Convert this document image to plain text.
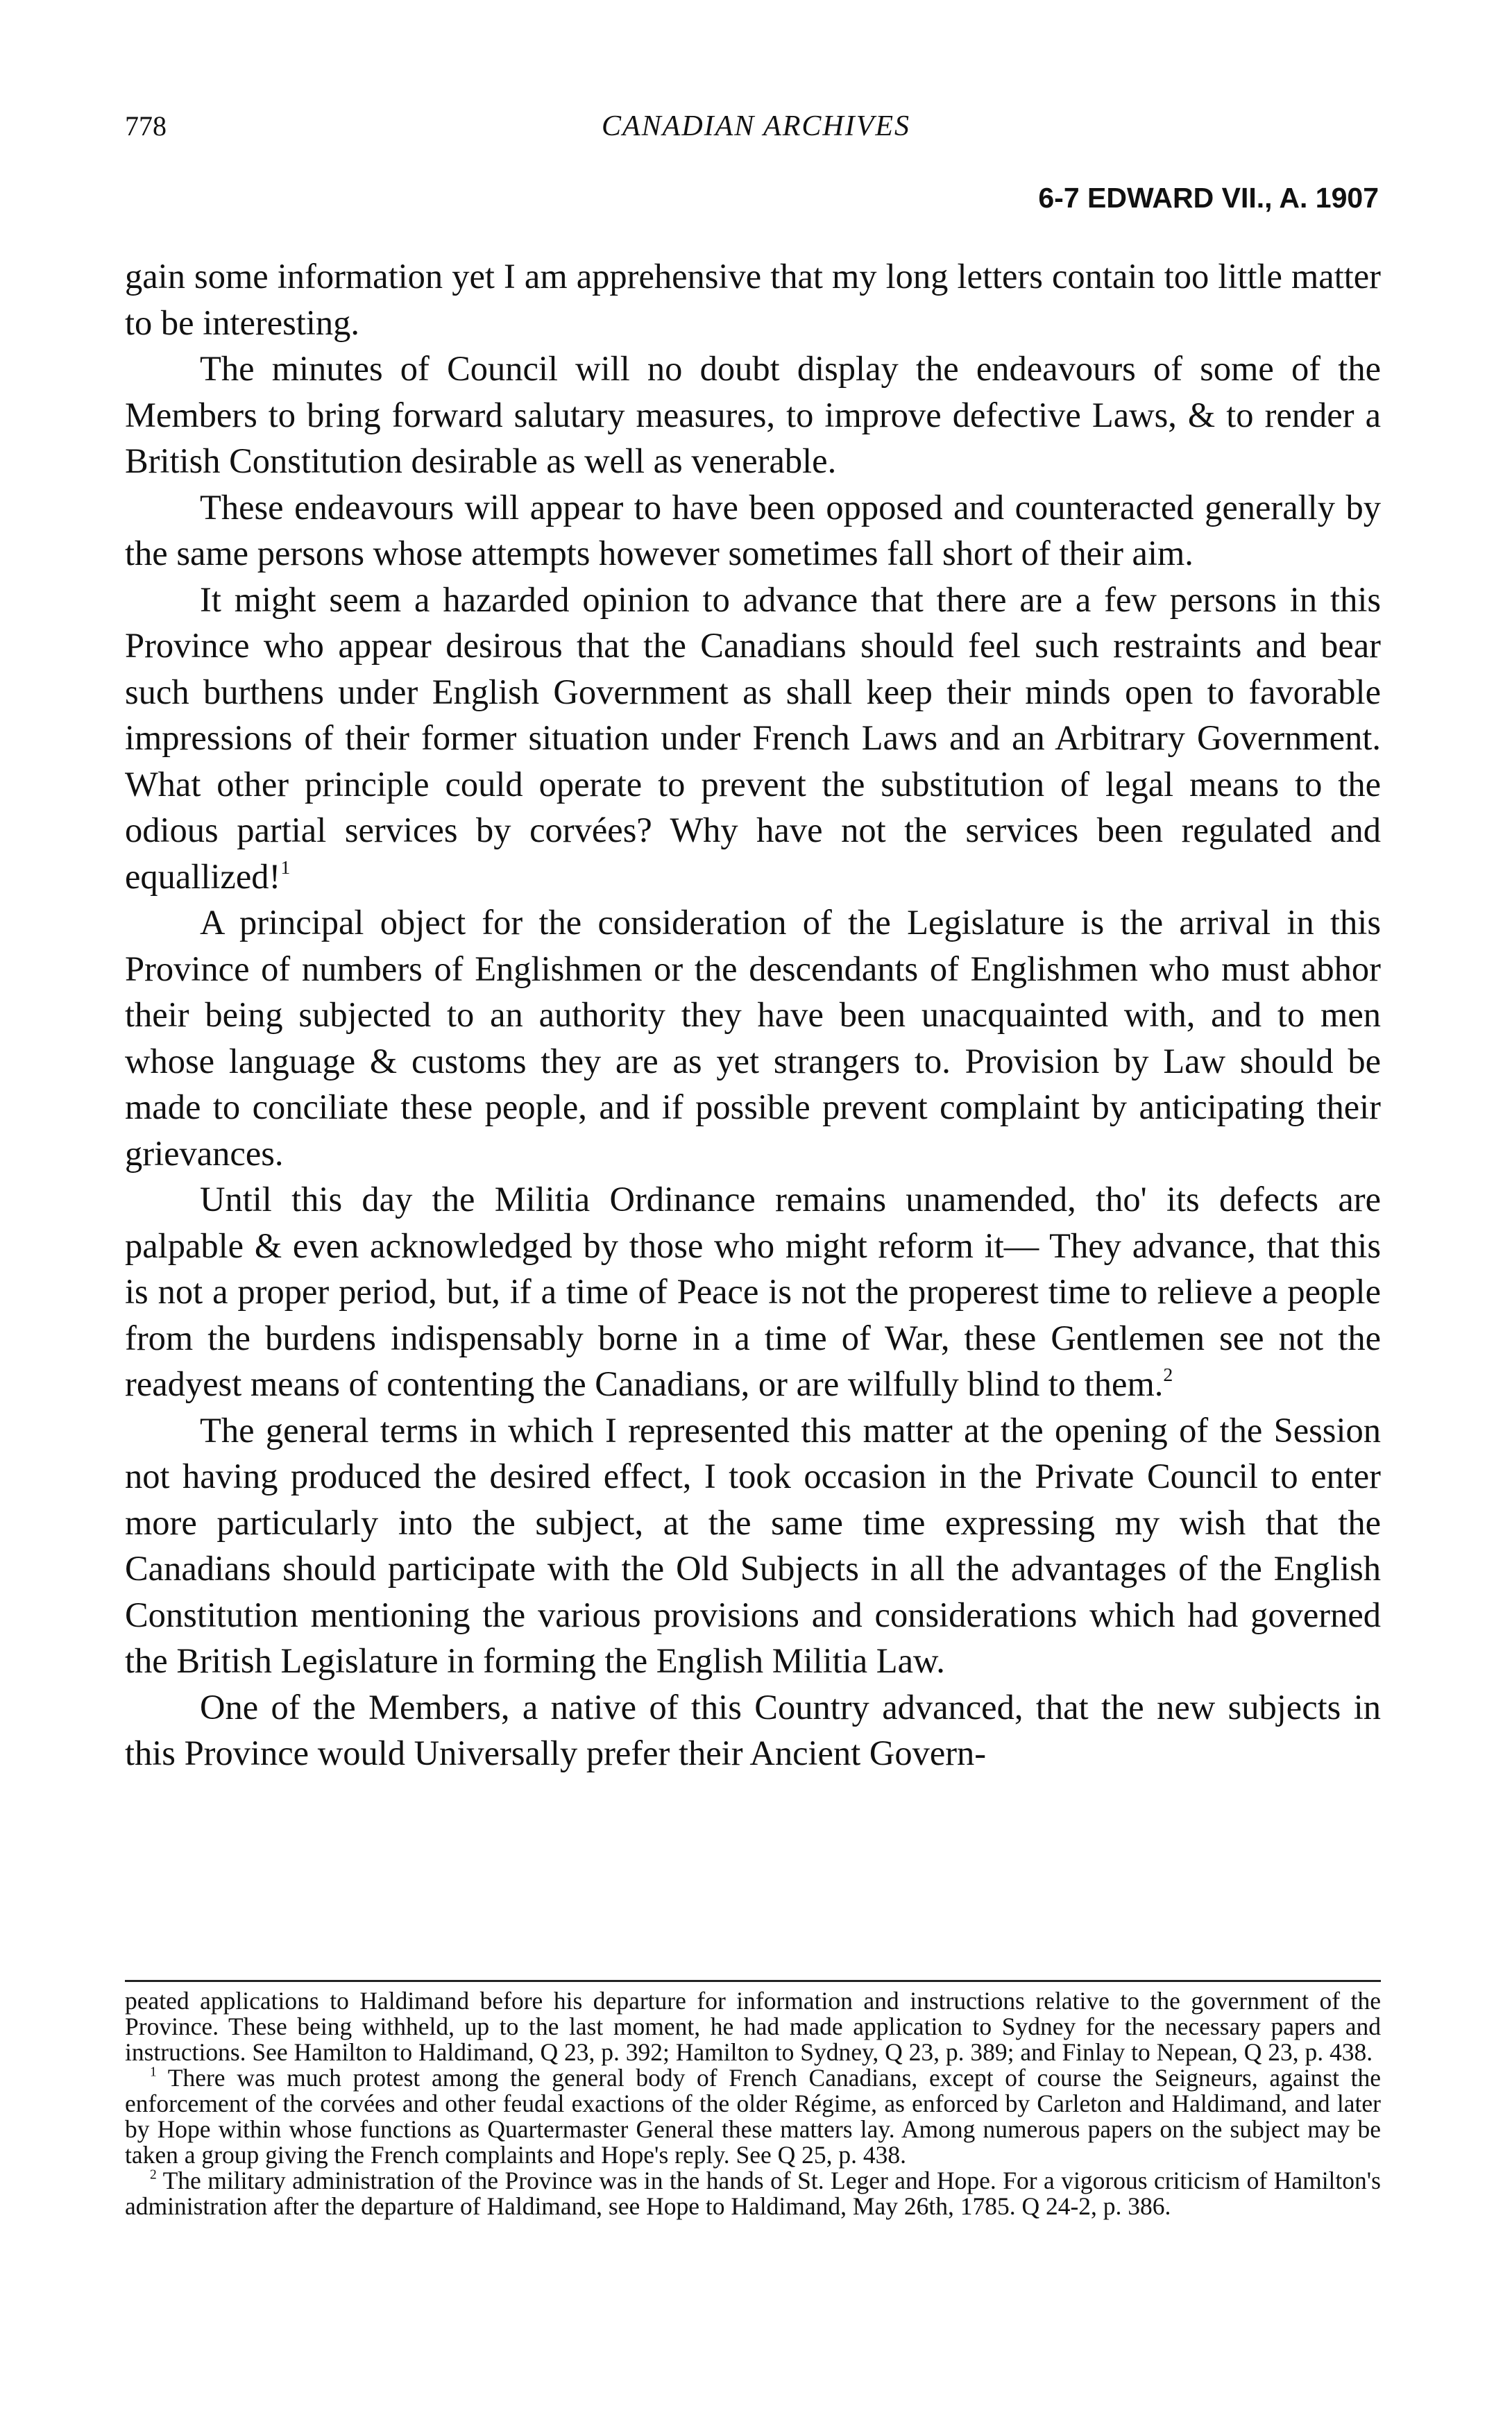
778	CANADIAN ARCHIVES
6-7 EDWARD VII., A. 1907

gain some information yet I am apprehensive that my long letters contain too little matter to be interesting.

The minutes of Council will no doubt display the endeavours of some of the Members to bring forward salutary measures, to improve defective Laws, & to render a British Constitution desirable as well as venerable.

These endeavours will appear to have been opposed and counteracted generally by the same persons whose attempts however sometimes fall short of their aim.

It might seem a hazarded opinion to advance that there are a few persons in this Province who appear desirous that the Canadians should feel such restraints and bear such burthens under English Government as shall keep their minds open to favorable impressions of their former situation under French Laws and an Arbitrary Government. What other principle could operate to prevent the substitution of legal means to the odious partial services by corvées? Why have not the services been regulated and equallized!$^1$

A principal object for the consideration of the Legislature is the arrival in this Province of numbers of Englishmen or the descendants of Englishmen who must abhor their being subjected to an authority they have been unacquainted with, and to men whose language & customs they are as yet strangers to. Provision by Law should be made to conciliate these people, and if possible prevent complaint by anticipating their grievances.

Until this day the Militia Ordinance remains unamended, tho' its defects are palpable & even acknowledged by those who might reform it— They advance, that this is not a proper period, but, if a time of Peace is not the properest time to relieve a people from the burdens indispensably borne in a time of War, these Gentlemen see not the readyest means of contenting the Canadians, or are wilfully blind to them.$^2$

The general terms in which I represented this matter at the opening of the Session not having produced the desired effect, I took occasion in the Private Council to enter more particularly into the subject, at the same time expressing my wish that the Canadians should participate with the Old Subjects in all the advantages of the English Constitution mentioning the various provisions and considerations which had governed the British Legislature in forming the English Militia Law.

One of the Members, a native of this Country advanced, that the new subjects in this Province would Universally prefer their Ancient Govern-

peated applications to Haldimand before his departure for information and instructions relative to the government of the Province. These being withheld, up to the last moment, he had made application to Sydney for the necessary papers and instructions. See Hamilton to Haldimand, Q 23, p. 392; Hamilton to Sydney, Q 23, p. 389; and Finlay to Nepean, Q 23, p. 438.

$^1$ There was much protest among the general body of French Canadians, except of course the Seigneurs, against the enforcement of the corvées and other feudal exactions of the older Régime, as enforced by Carleton and Haldimand, and later by Hope within whose functions as Quartermaster General these matters lay. Among numerous papers on the subject may be taken a group giving the French complaints and Hope's reply. See Q 25, p. 438.

$^2$ The military administration of the Province was in the hands of St. Leger and Hope. For a vigorous criticism of Hamilton's administration after the departure of Haldimand, see Hope to Haldimand, May 26th, 1785. Q 24-2, p. 386.
